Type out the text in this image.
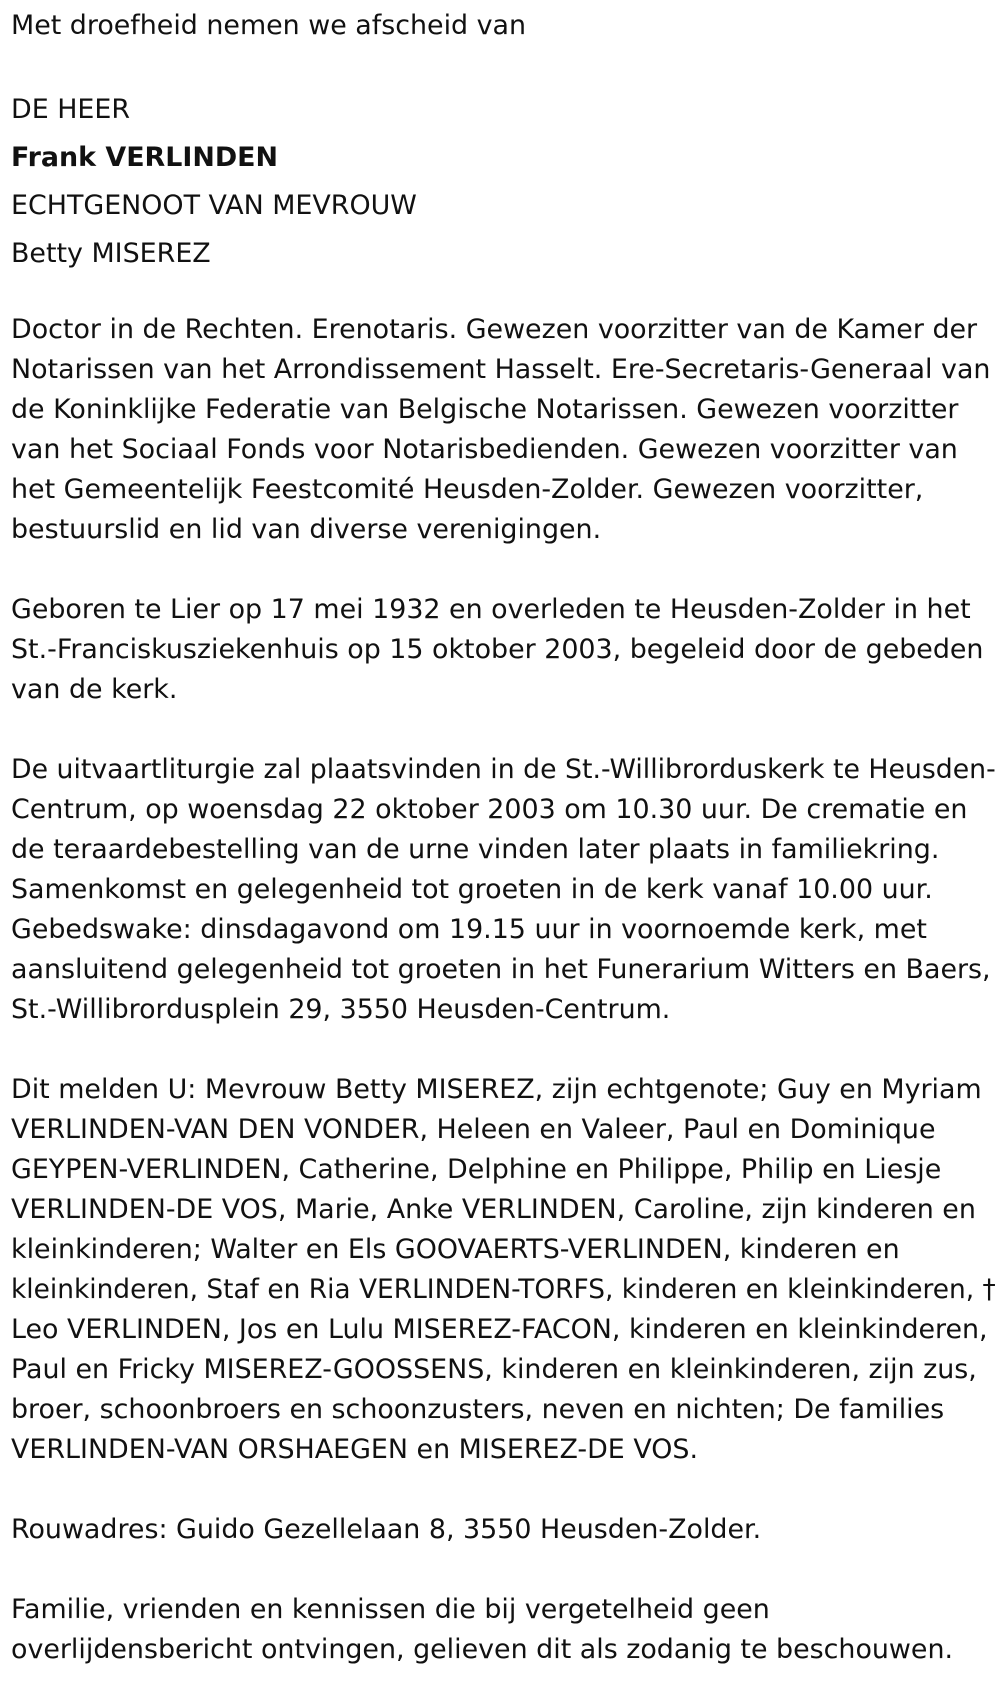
Met droefheid nemen we afscheid van
DE HEER
Frank VERLINDEN
ECHTGENOOT VAN MEVROUW
Betty MISEREZ
Doctor in de Rechten. Erenotaris. Gewezen voorzitter van de Kamer der
Notarissen van het Arrondissement Hasselt. Ere-Secretaris-Generaal van
de Koninklijke Federatie van Belgische Notarissen. Gewezen voorzitter
van het Sociaal Fonds voor Notarisbedienden. Gewezen voorzitter van
het Gemeentelijk Feestcomité Heusden-Zolder. Gewezen voorzitter,
bestuurslid en lid van diverse verenigingen.
Geboren te Lier op 17 mei 1932 en overleden te Heusden-Zolder in het
St.-Franciskusziekenhuis op 15 oktober 2003, begeleid door de gebeden
van de kerk.
De uitvaartliturgie zal plaatsvinden in de St.-Willibrorduskerk te Heusden-
Centrum, op woensdag 22 oktober 2003 om 10.30 uur. De crematie en
de teraardebestelling van de urne vinden later plaats in familiekring.
Samenkomst en gelegenheid tot groeten in de kerk vanaf 10.00 uur.
Gebedswake: dinsdagavond om 19.15 uur in voornoemde kerk, met
aansluitend gelegenheid tot groeten in het Funerarium Witters en Baers,
St.-Willibrordusplein 29, 3550 Heusden-Centrum.
Dit melden U: Mevrouw Betty MISEREZ, zijn echtgenote; Guy en Myriam
VERLINDEN-VAN DEN VONDER, Heleen en Valeer, Paul en Dominique
GEYPEN-VERLINDEN, Catherine, Delphine en Philippe, Philip en Liesje
VERLINDEN-DE VOS, Marie, Anke VERLINDEN, Caroline, zijn kinderen en
kleinkinderen; Walter en Els GOOVAERTS-VERLINDEN, kinderen en
kleinkinderen, Staf en Ria VERLINDEN-TORFS, kinderen en kleinkinderen, †
Leo VERLINDEN, Jos en Lulu MISEREZ-FACON, kinderen en kleinkinderen,
Paul en Fricky MISEREZ-GOOSSENS, kinderen en kleinkinderen, zijn zus,
broer, schoonbroers en schoonzusters, neven en nichten; De families
VERLINDEN-VAN ORSHAEGEN en MISEREZ-DE VOS.
Rouwadres: Guido Gezellelaan 8, 3550 Heusden-Zolder.
Familie, vrienden en kennissen die bij vergetelheid geen
overlijdensbericht ontvingen, gelieven dit als zodanig te beschouwen.
